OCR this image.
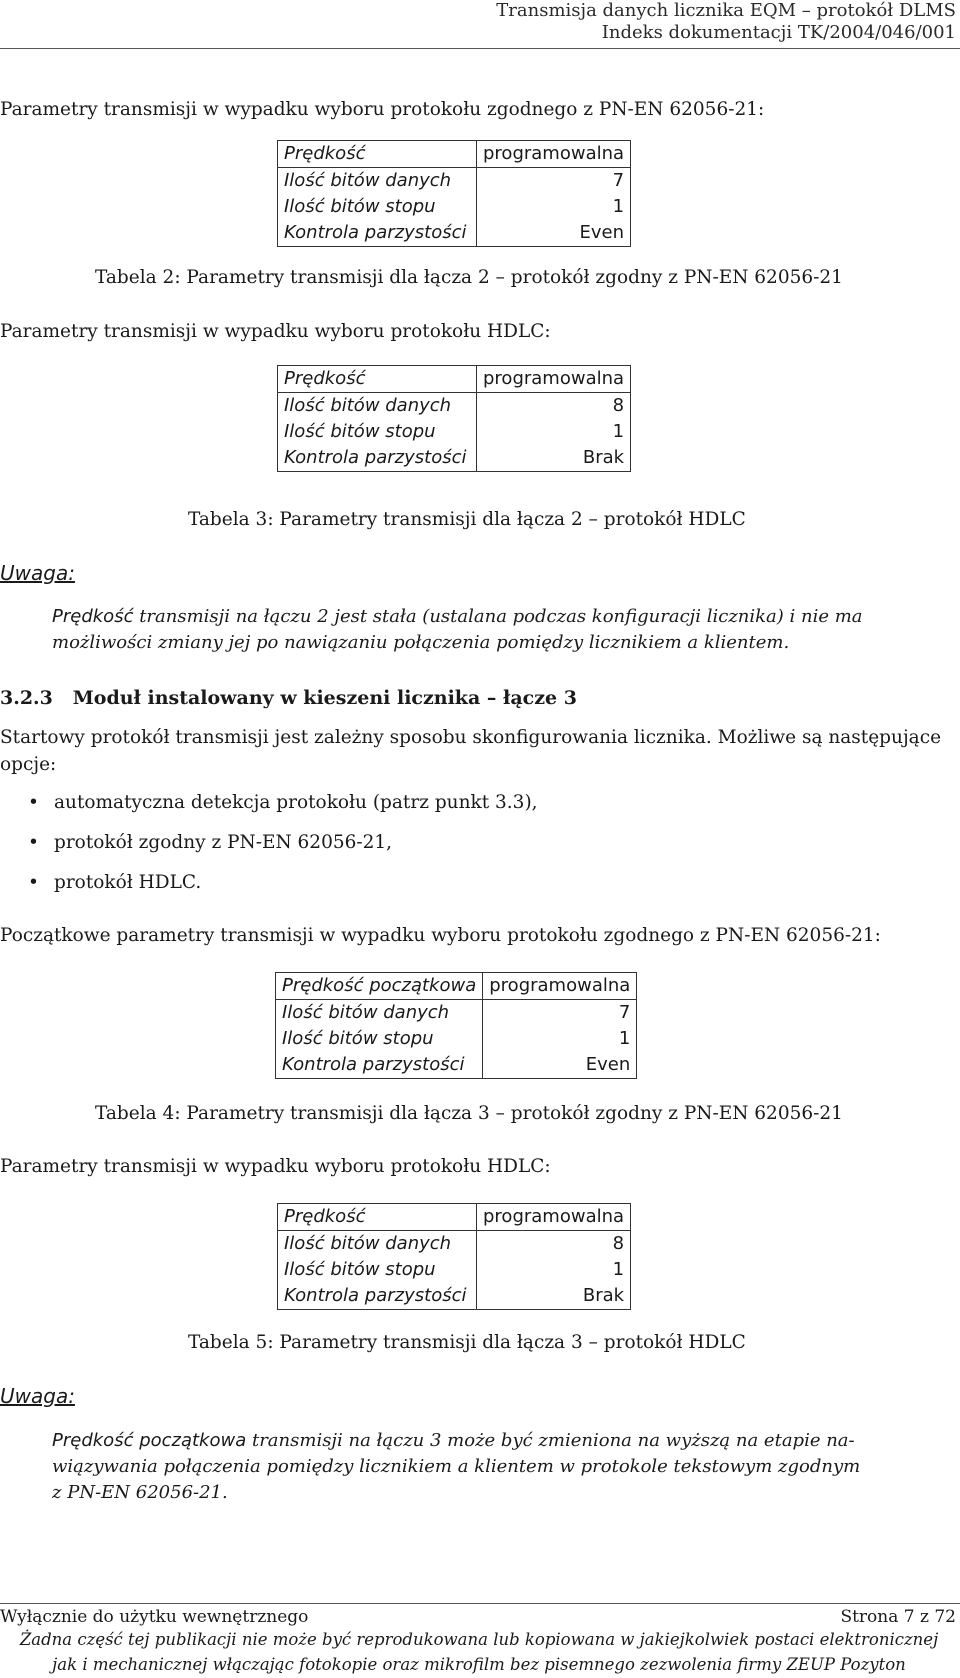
Transmisja danych licznika EQM – protokół DLMS
Indeks dokumentacji TK/2004/046/001
Parametry transmisji w wypadku wyboru protokołu zgodnego z PN-EN 62056-21:
Prędkość	programowalna
Ilość bitów danych	7
Ilość bitów stopu	1
Kontrola parzystości	Even
Tabela 2: Parametry transmisji dla łącza 2 – protokół zgodny z PN-EN 62056-21
Parametry transmisji w wypadku wyboru protokołu HDLC:
Prędkość	programowalna
Ilość bitów danych	8
Ilość bitów stopu	1
Kontrola parzystości	Brak
Tabela 3: Parametry transmisji dla łącza 2 – protokół HDLC
Uwaga:
Prędkość transmisji na łączu 2 jest stała (ustalana podczas konfiguracji licznika) i nie ma
możliwości zmiany jej po nawiązaniu połączenia pomiędzy licznikiem a klientem.
3.2.3 Moduł instalowany w kieszeni licznika – łącze 3
Startowy protokół transmisji jest zależny sposobu skonfigurowania licznika. Możliwe są następujące
opcje:
• automatyczna detekcja protokołu (patrz punkt 3.3),
• protokół zgodny z PN-EN 62056-21,
• protokół HDLC.
Początkowe parametry transmisji w wypadku wyboru protokołu zgodnego z PN-EN 62056-21:
Prędkość początkowa	programowalna
Ilość bitów danych	7
Ilość bitów stopu	1
Kontrola parzystości	Even
Tabela 4: Parametry transmisji dla łącza 3 – protokół zgodny z PN-EN 62056-21
Parametry transmisji w wypadku wyboru protokołu HDLC:
Prędkość	programowalna
Ilość bitów danych	8
Ilość bitów stopu	1
Kontrola parzystości	Brak
Tabela 5: Parametry transmisji dla łącza 3 – protokół HDLC
Uwaga:
Prędkość początkowa transmisji na łączu 3 może być zmieniona na wyższą na etapie na-
wiązywania połączenia pomiędzy licznikiem a klientem w protokole tekstowym zgodnym
z PN-EN 62056-21.
Wyłącznie do użytku wewnętrznego	Strona 7 z 72
Żadna część tej publikacji nie może być reprodukowana lub kopiowana w jakiejkolwiek postaci elektronicznej
jak i mechanicznej włączając fotokopie oraz mikrofilm bez pisemnego zezwolenia firmy ZEUP Pozyton
